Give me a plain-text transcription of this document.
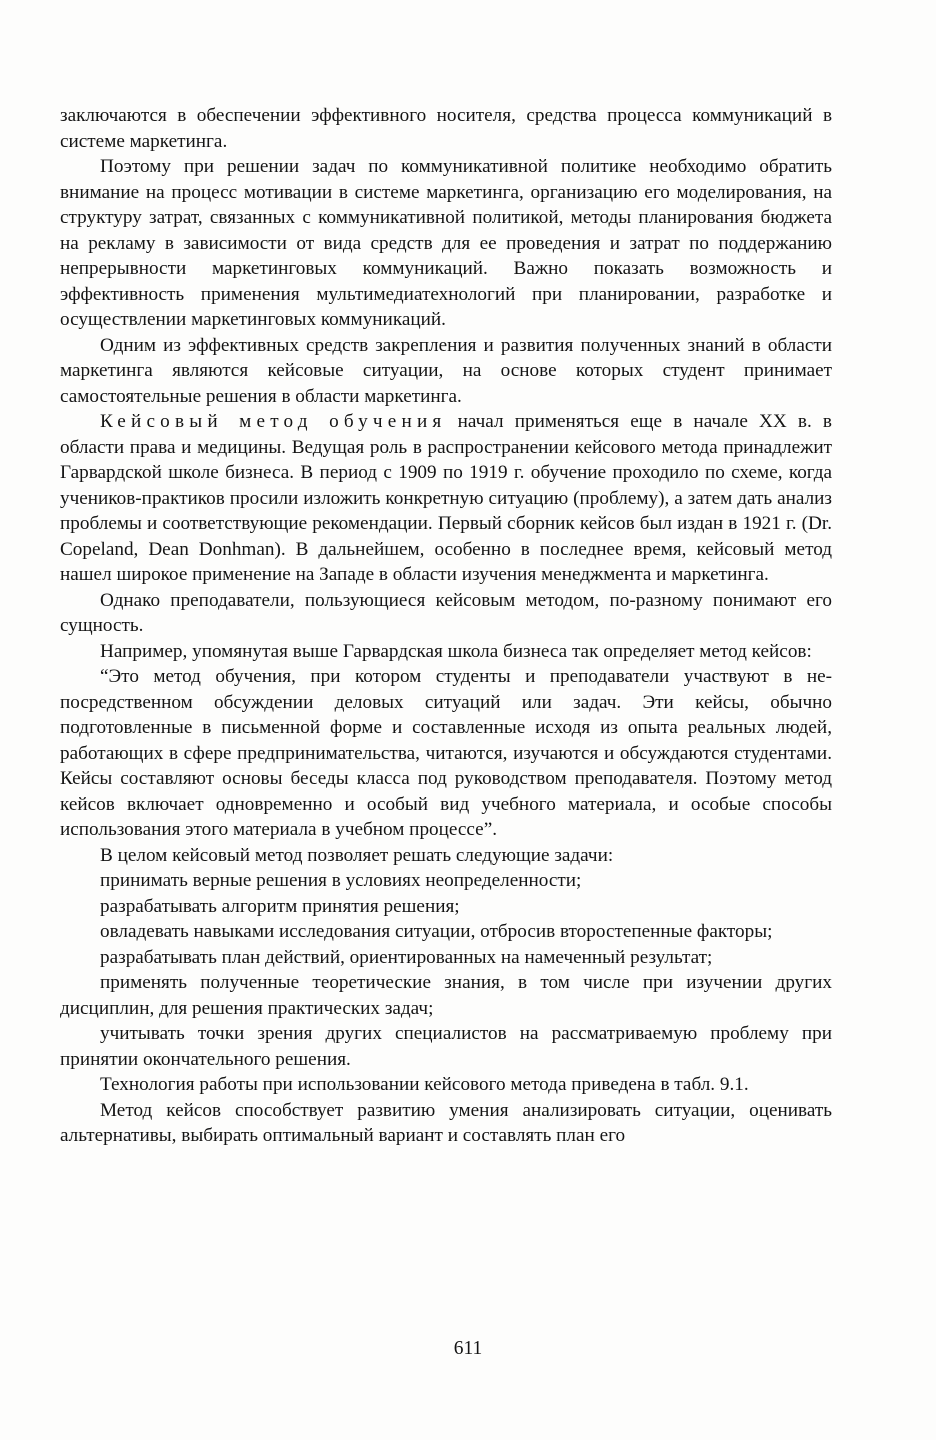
заключаются в обеспечении эффективного носителя, средства процесса коммуникаций в системе маркетинга.

Поэтому при решении задач по коммуникативной политике необходимо обратить внимание на процесс мотивации в системе маркетинга, организацию его моделирования, на структуру затрат, связанных с коммуникативной политикой, методы планирования бюджета на рекламу в зависимости от вида средств для ее проведения и затрат по поддержанию непрерывности маркетинговых коммуникаций. Важно показать возможность и эффективность применения мультимедиатехнологий при планировании, разработке и осуществлении маркетинговых коммуникаций.

Одним из эффективных средств закрепления и развития полученных знаний в области маркетинга являются кейсовые ситуации, на основе которых студент принимает самостоятельные решения в области маркетинга.

Кейсовый метод обучения начал применяться еще в начале XX в. в области права и медицины. Ведущая роль в распространении кейсового метода принадлежит Гарвардской школе бизнеса. В период с 1909 по 1919 г. обучение проходило по схеме, когда учеников-практиков просили изложить конкретную ситуацию (проблему), а затем дать анализ проблемы и соответствующие рекомендации. Первый сборник кейсов был издан в 1921 г. (Dr. Copeland, Dean Donhman). В дальнейшем, особенно в последнее время, кейсовый метод нашел широкое применение на Западе в области изучения менеджмента и маркетинга.

Однако преподаватели, пользующиеся кейсовым методом, по-разному понимают его сущность.

Например, упомянутая выше Гарвардская школа бизнеса так определяет метод кейсов:

“Это метод обучения, при котором студенты и преподаватели участвуют в непосредственном обсуждении деловых ситуаций или задач. Эти кейсы, обычно подготовленные в письменной форме и составленные исходя из опыта реальных людей, работающих в сфере предпринимательства, читаются, изучаются и обсуждаются студентами. Кейсы составляют основы беседы класса под руководством преподавателя. Поэтому метод кейсов включает одновременно и особый вид учебного материала, и особые способы использования этого материала в учебном процессе”.

В целом кейсовый метод позволяет решать следующие задачи:

принимать верные решения в условиях неопределенности;

разрабатывать алгоритм принятия решения;

овладевать навыками исследования ситуации, отбросив второстепенные факторы;

разрабатывать план действий, ориентированных на намеченный результат;

применять полученные теоретические знания, в том числе при изучении других дисциплин, для решения практических задач;

учитывать точки зрения других специалистов на рассматриваемую проблему при принятии окончательного решения.

Технология работы при использовании кейсового метода приведена в табл. 9.1.

Метод кейсов способствует развитию умения анализировать ситуации, оценивать альтернативы, выбирать оптимальный вариант и составлять план его

611
